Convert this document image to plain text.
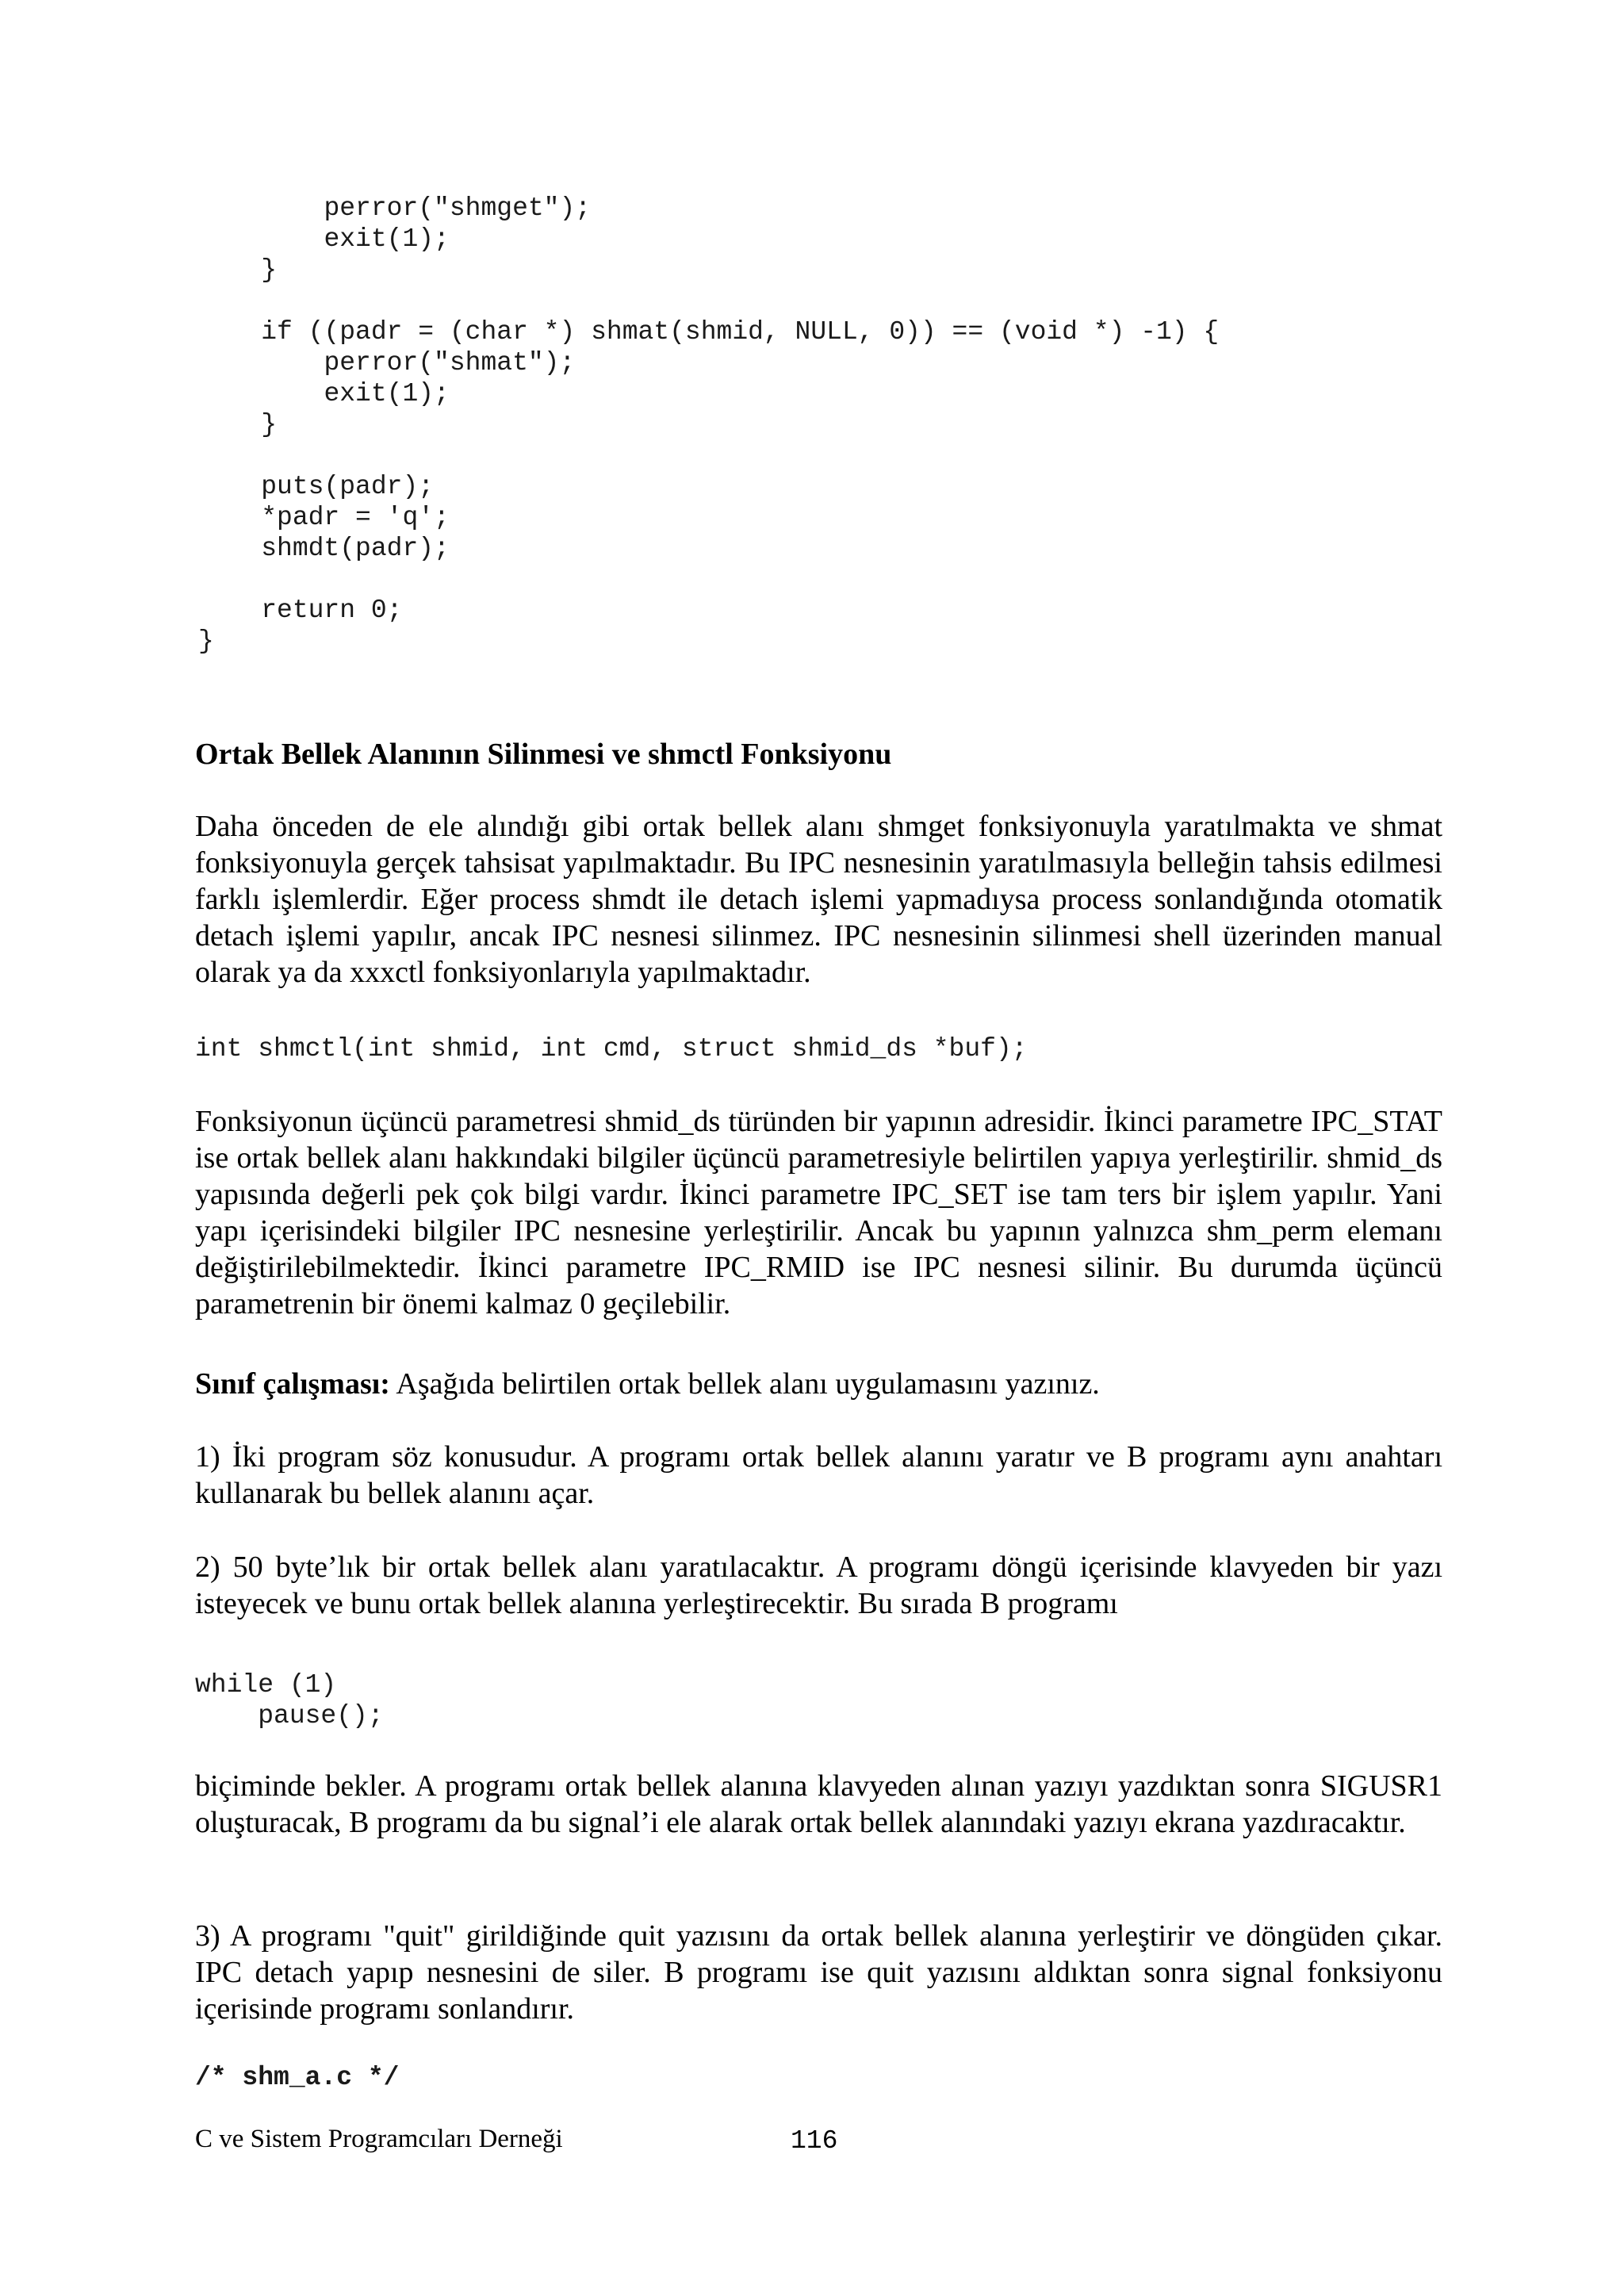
		perror("shmget");
		exit(1);
	}

	if ((padr = (char *) shmat(shmid, NULL, 0)) == (void *) -1) {
		perror("shmat");
		exit(1);
	}

	puts(padr);
	*padr = 'q';
	shmdt(padr);

	return 0;
}
Ortak Bellek Alanının Silinmesi ve shmctl Fonksiyonu

Daha önceden de ele alındığı gibi ortak bellek alanı shmget fonksiyonuyla yaratılmakta ve shmat fonksiyonuyla gerçek tahsisat yapılmaktadır. Bu IPC nesnesinin yaratılmasıyla belleğin tahsis edilmesi farklı işlemlerdir. Eğer process shmdt ile detach işlemi yapmadıysa process sonlandığında otomatik detach işlemi yapılır, ancak IPC nesnesi silinmez. IPC nesnesinin silinmesi shell üzerinden manual olarak ya da xxxctl fonksiyonlarıyla yapılmaktadır.

int shmctl(int shmid, int cmd, struct shmid_ds *buf);

Fonksiyonun üçüncü parametresi shmid_ds türünden bir yapının adresidir. İkinci parametre IPC_STAT ise ortak bellek alanı hakkındaki bilgiler üçüncü parametresiyle belirtilen yapıya yerleştirilir. shmid_ds yapısında değerli pek çok bilgi vardır. İkinci parametre IPC_SET ise tam ters bir işlem yapılır. Yani yapı içerisindeki bilgiler IPC nesnesine yerleştirilir. Ancak bu yapının yalnızca shm_perm elemanı değiştirilebilmektedir. İkinci parametre IPC_RMID ise IPC nesnesi silinir. Bu durumda üçüncü parametrenin bir önemi kalmaz 0 geçilebilir.

Sınıf çalışması: Aşağıda belirtilen ortak bellek alanı uygulamasını yazınız.

1) İki program söz konusudur. A programı ortak bellek alanını yaratır ve B programı aynı anahtarı kullanarak bu bellek alanını açar.

2) 50 byte’lık bir ortak bellek alanı yaratılacaktır. A programı döngü içerisinde klavyeden bir yazı isteyecek ve bunu ortak bellek alanına yerleştirecektir. Bu sırada B programı

while (1)
	pause();

biçiminde bekler. A programı ortak bellek alanına klavyeden alınan yazıyı yazdıktan sonra SIGUSR1 oluşturacak, B programı da bu signal’i ele alarak ortak bellek alanındaki yazıyı ekrana yazdıracaktır.

3) A programı "quit" girildiğinde quit yazısını da ortak bellek alanına yerleştirir ve döngüden çıkar. IPC detach yapıp nesnesini de siler. B programı ise quit yazısını aldıktan sonra signal fonksiyonu içerisinde programı sonlandırır.

/* shm_a.c */
C ve Sistem Programcıları Derneği	116
